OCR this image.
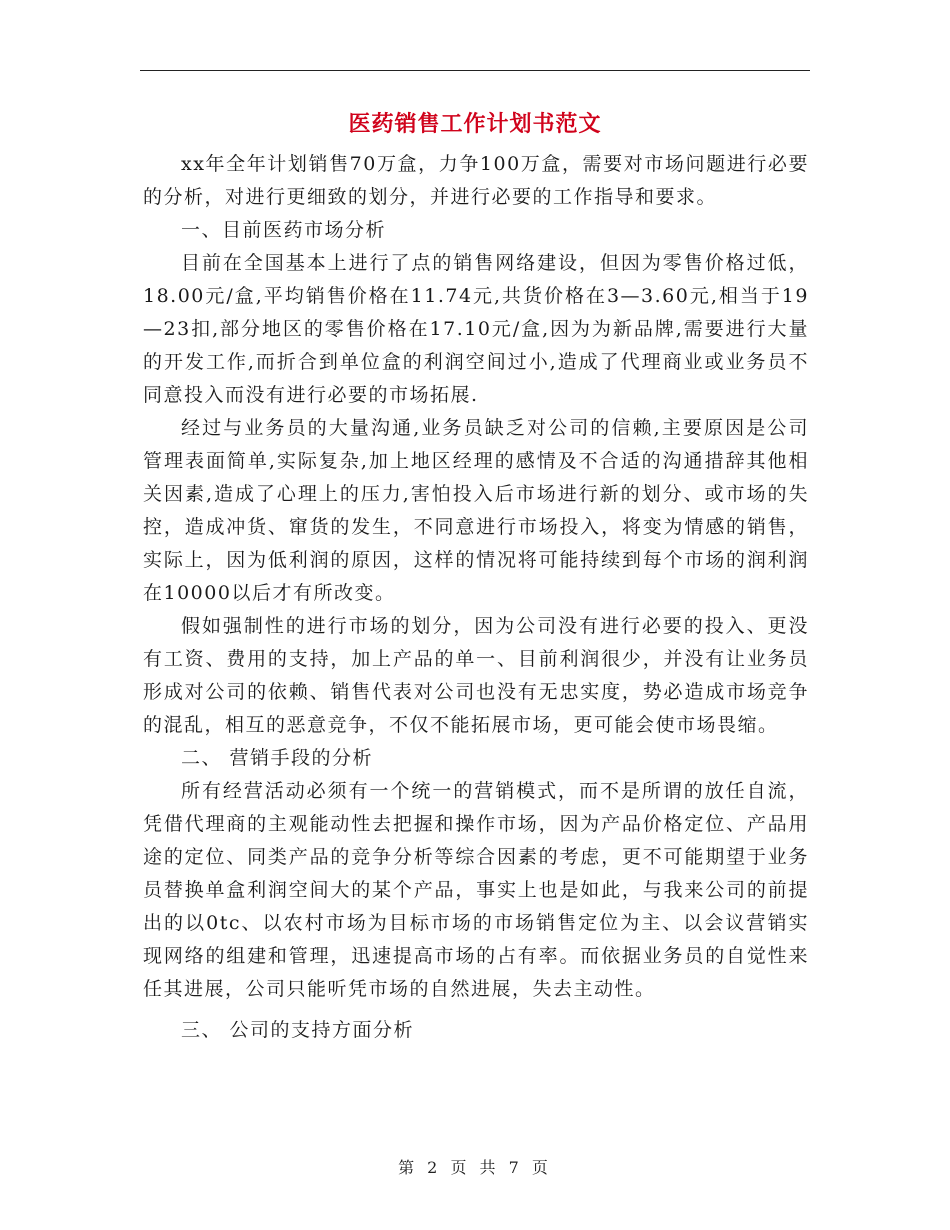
医药销售工作计划书范文

xx年全年计划销售70万盒，力争100万盒，需要对市场问题进行必要的分析，对进行更细致的划分，并进行必要的工作指导和要求。

一、目前医药市场分析

目前在全国基本上进行了点的销售网络建设，但因为零售价格过低，18.00元/盒,平均销售价格在11.74元,共货价格在3—3.60元,相当于19—23扣,部分地区的零售价格在17.10元/盒,因为为新品牌,需要进行大量的开发工作,而折合到单位盒的利润空间过小,造成了代理商业或业务员不同意投入而没有进行必要的市场拓展.

经过与业务员的大量沟通,业务员缺乏对公司的信赖,主要原因是公司管理表面简单,实际复杂,加上地区经理的感情及不合适的沟通措辞其他相关因素,造成了心理上的压力,害怕投入后市场进行新的划分、或市场的失控，造成冲货、窜货的发生，不同意进行市场投入，将变为情感的销售，实际上，因为低利润的原因，这样的情况将可能持续到每个市场的润利润在10000以后才有所改变。

假如强制性的进行市场的划分，因为公司没有进行必要的投入、更没有工资、费用的支持，加上产品的单一、目前利润很少，并没有让业务员形成对公司的依赖、销售代表对公司也没有无忠实度，势必造成市场竞争的混乱，相互的恶意竞争，不仅不能拓展市场，更可能会使市场畏缩。

二、 营销手段的分析

所有经营活动必须有一个统一的营销模式，而不是所谓的放任自流，凭借代理商的主观能动性去把握和操作市场，因为产品价格定位、产品用途的定位、同类产品的竞争分析等综合因素的考虑，更不可能期望于业务员替换单盒利润空间大的某个产品，事实上也是如此，与我来公司的前提出的以0tc、以农村市场为目标市场的市场销售定位为主、以会议营销实现网络的组建和管理，迅速提高市场的占有率。而依据业务员的自觉性来任其进展，公司只能听凭市场的自然进展，失去主动性。

三、 公司的支持方面分析

第 2 页 共 7 页
